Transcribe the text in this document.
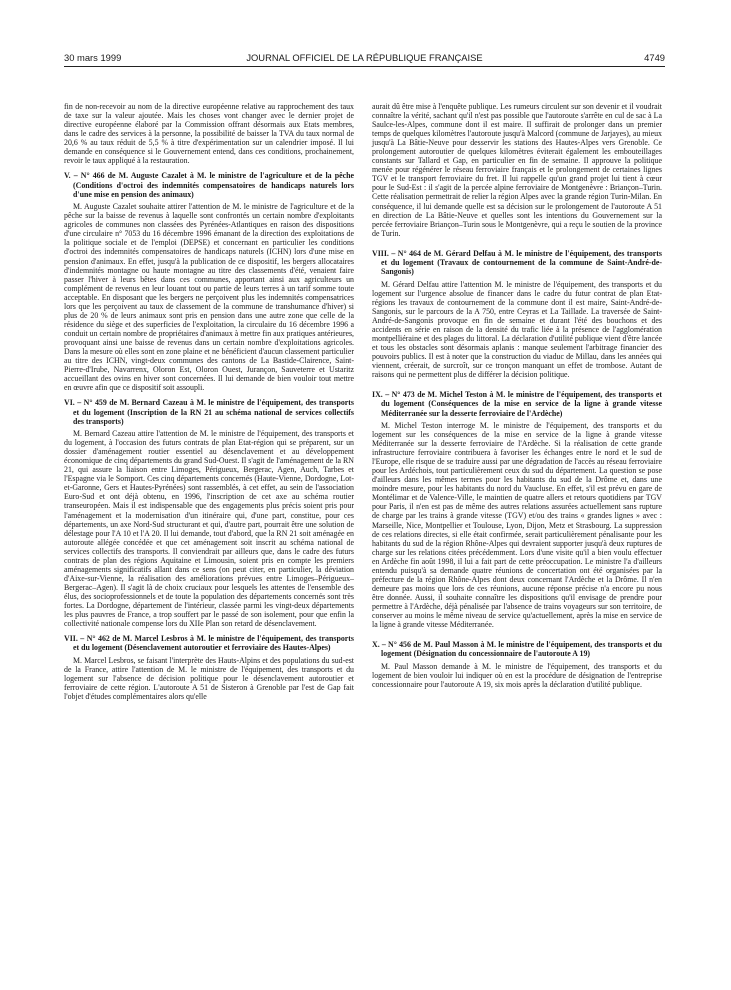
30 mars 1999	JOURNAL OFFICIEL DE LA RÉPUBLIQUE FRANÇAISE	4749

fin de non-recevoir au nom de la directive européenne relative au rapprochement des taux de taxe sur la valeur ajoutée. Mais les choses vont changer avec le dernier projet de directive européenne élaboré par la Commission offrant désormais aux Etats membres, dans le cadre des services à la personne, la possibilité de baisser la TVA du taux normal de 20,6 % au taux réduit de 5,5 % à titre d'expérimentation sur un calendrier imposé. Il lui demande en conséquence si le Gouvernement entend, dans ces conditions, prochainement, revoir le taux appliqué à la restauration.

V. – N° 466 de M. Auguste Cazalet à M. le ministre de l'agriculture et de la pêche (Conditions d'octroi des indemnités compensatoires de handicaps naturels lors d'une mise en pension des animaux)

M. Auguste Cazalet souhaite attirer l'attention de M. le ministre de l'agriculture et de la pêche sur la baisse de revenus à laquelle sont confrontés un certain nombre d'exploitants agricoles de communes non classées des Pyrénées-Atlantiques en raison des dispositions d'une circulaire n° 7053 du 16 décembre 1996 émanant de la direction des exploitations de la politique sociale et de l'emploi (DEPSE) et concernant en particulier les conditions d'octroi des indemnités compensatoires de handicaps naturels (ICHN) lors d'une mise en pension d'animaux. En effet, jusqu'à la publication de ce dispositif, les bergers allocataires d'indemnités montagne ou haute montagne au titre des classements d'été, venaient faire passer l'hiver à leurs bêtes dans ces communes, apportant ainsi aux agriculteurs un complément de revenus en leur louant tout ou partie de leurs terres à un tarif somme toute acceptable. En disposant que les bergers ne perçoivent plus les indemnités compensatrices lors que les perçoivent au taux de classement de la commune de transhumance d'hiver) si plus de 20 % de leurs animaux sont pris en pension dans une autre zone que celle de la résidence du siège et des superficies de l'exploitation, la circulaire du 16 décembre 1996 a conduit un certain nombre de propriétaires d'animaux à mettre fin aux pratiques antérieures, provoquant ainsi une baisse de revenus dans un certain nombre d'exploitations agricoles. Dans la mesure où elles sont en zone plaine et ne bénéficient d'aucun classement particulier au titre des ICHN, vingt-deux communes des cantons de La Bastide-Clairence, Saint-Pierre-d'Irube, Navarrenx, Oloron Est, Oloron Ouest, Jurançon, Sauveterre et Ustaritz accueillant des ovins en hiver sont concernées. Il lui demande de bien vouloir tout mettre en œuvre afin que ce dispositif soit assoupli.

VI. – N° 459 de M. Bernard Cazeau à M. le ministre de l'équipement, des transports et du logement (Inscription de la RN 21 au schéma national de services collectifs des transports)

M. Bernard Cazeau attire l'attention de M. le ministre de l'équipement, des transports et du logement, à l'occasion des futurs contrats de plan Etat-région qui se préparent, sur un dossier d'aménagement routier essentiel au désenclavement et au développement économique de cinq départements du grand Sud-Ouest. Il s'agit de l'aménagement de la RN 21, qui assure la liaison entre Limoges, Périgueux, Bergerac, Agen, Auch, Tarbes et l'Espagne via le Somport. Ces cinq départements concernés (Haute-Vienne, Dordogne, Lot-et-Garonne, Gers et Hautes-Pyrénées) sont rassemblés, à cet effet, au sein de l'association Euro-Sud et ont déjà obtenu, en 1996, l'inscription de cet axe au schéma routier transeuropéen. Mais il est indispensable que des engagements plus précis soient pris pour l'aménagement et la modernisation d'un itinéraire qui, d'une part, constitue, pour ces départements, un axe Nord-Sud structurant et qui, d'autre part, pourrait être une solution de délestage pour l'A 10 et l'A 20. Il lui demande, tout d'abord, que la RN 21 soit aménagée en autoroute allégée concédée et que cet aménagement soit inscrit au schéma national de services collectifs des transports. Il conviendrait par ailleurs que, dans le cadre des futurs contrats de plan des régions Aquitaine et Limousin, soient pris en compte les premiers aménagements significatifs allant dans ce sens (on peut citer, en particulier, la déviation d'Aixe-sur-Vienne, la réalisation des améliorations prévues entre Limoges–Périgueux–Bergerac–Agen). Il s'agit là de choix cruciaux pour lesquels les attentes de l'ensemble des élus, des socioprofessionnels et de toute la population des départements concernés sont très fortes. La Dordogne, département de l'intérieur, classée parmi les vingt-deux départements les plus pauvres de France, a trop souffert par le passé de son isolement, pour que enfin la collectivité nationale compense lors du XIIe Plan son retard de désenclavement.

VII. – N° 462 de M. Marcel Lesbros à M. le ministre de l'équipement, des transports et du logement (Désenclavement autoroutier et ferroviaire des Hautes-Alpes)

M. Marcel Lesbros, se faisant l'interprète des Hauts-Alpins et des populations du sud-est de la France, attire l'attention de M. le ministre de l'équipement, des transports et du logement sur l'absence de décision politique pour le désenclavement autoroutier et ferroviaire de cette région. L'autoroute A 51 de Sisteron à Grenoble par l'est de Gap fait l'objet d'études complémentaires alors qu'elle

aurait dû être mise à l'enquête publique. Les rumeurs circulent sur son devenir et il voudrait connaître la vérité, sachant qu'il n'est pas possible que l'autoroute s'arrête en cul de sac à La Saulce-les-Alpes, commune dont il est maire. Il suffirait de prolonger dans un premier temps de quelques kilomètres l'autoroute jusqu'à Malcord (commune de Jarjayes), au mieux jusqu'à La Bâtie-Neuve pour desservir les stations des Hautes-Alpes vers Grenoble. Ce prolongement autoroutier de quelques kilomètres éviterait également les embouteillages constants sur Tallard et Gap, en particulier en fin de semaine. Il approuve la politique menée pour régénérer le réseau ferroviaire français et le prolongement de certaines lignes TGV et le transport ferroviaire du fret. Il lui rappelle qu'un grand projet lui tient à cœur pour le Sud-Est : il s'agit de la percée alpine ferroviaire de Montgenèvre : Briançon–Turin. Cette réalisation permettrait de relier la région Alpes avec la grande région Turin-Milan. En conséquence, il lui demande quelle est sa décision sur le prolongement de l'autoroute A 51 en direction de La Bâtie-Neuve et quelles sont les intentions du Gouvernement sur la percée ferroviaire Briançon–Turin sous le Montgenèvre, qui a reçu le soutien de la province de Turin.

VIII. – N° 464 de M. Gérard Delfau à M. le ministre de l'équipement, des transports et du logement (Travaux de contournement de la commune de Saint-André-de-Sangonis)

M. Gérard Delfau attire l'attention M. le ministre de l'équipement, des transports et du logement sur l'urgence absolue de financer dans le cadre du futur contrat de plan Etat-régions les travaux de contournement de la commune dont il est maire, Saint-André-de-Sangonis, sur le parcours de la A 750, entre Ceyras et La Taillade. La traversée de Saint-André-de-Sangonis provoque en fin de semaine et durant l'été des bouchons et des accidents en série en raison de la densité du trafic liée à la présence de l'agglomération montpelliéraine et des plages du littoral. La déclaration d'utilité publique vient d'être lancée et tous les obstacles sont désormais aplanis : manque seulement l'arbitrage financier des pouvoirs publics. Il est à noter que la construction du viaduc de Millau, dans les années qui viennent, créerait, de surcroît, sur ce tronçon manquant un effet de trombose. Autant de raisons qui ne permettent plus de différer la décision politique.

IX. – N° 473 de M. Michel Teston à M. le ministre de l'équipement, des transports et du logement (Conséquences de la mise en service de la ligne à grande vitesse Méditerranée sur la desserte ferroviaire de l'Ardèche)

M. Michel Teston interroge M. le ministre de l'équipement, des transports et du logement sur les conséquences de la mise en service de la ligne à grande vitesse Méditerranée sur la desserte ferroviaire de l'Ardèche. Si la réalisation de cette grande infrastructure ferroviaire contribuera à favoriser les échanges entre le nord et le sud de l'Europe, elle risque de se traduire aussi par une dégradation de l'accès au réseau ferroviaire pour les Ardéchois, tout particulièrement ceux du sud du département. La question se pose d'ailleurs dans les mêmes termes pour les habitants du sud de la Drôme et, dans une moindre mesure, pour les habitants du nord du Vaucluse. En effet, s'il est prévu en gare de Montélimar et de Valence-Ville, le maintien de quatre allers et retours quotidiens par TGV pour Paris, il n'en est pas de même des autres relations assurées actuellement sans rupture de charge par les trains à grande vitesse (TGV) et/ou des trains « grandes lignes » avec : Marseille, Nice, Montpellier et Toulouse, Lyon, Dijon, Metz et Strasbourg. La suppression de ces relations directes, si elle était confirmée, serait particulièrement pénalisante pour les habitants du sud de la région Rhône-Alpes qui devraient supporter jusqu'à deux ruptures de charge sur les relations citées précédemment. Lors d'une visite qu'il a bien voulu effectuer en Ardèche fin août 1998, il lui a fait part de cette préoccupation. Le ministre l'a d'ailleurs entendu puisqu'à sa demande quatre réunions de concertation ont été organisées par la préfecture de la région Rhône-Alpes dont deux concernant l'Ardèche et la Drôme. Il n'en demeure pas moins que lors de ces réunions, aucune réponse précise n'a encore pu nous être donnée. Aussi, il souhaite connaître les dispositions qu'il envisage de prendre pour permettre à l'Ardèche, déjà pénalisée par l'absence de trains voyageurs sur son territoire, de conserver au moins le même niveau de service qu'actuellement, après la mise en service de la ligne à grande vitesse Méditerranée.

X. – N° 456 de M. Paul Masson à M. le ministre de l'équipement, des transports et du logement (Désignation du concessionnaire de l'autoroute A 19)

M. Paul Masson demande à M. le ministre de l'équipement, des transports et du logement de bien vouloir lui indiquer où en est la procédure de désignation de l'entreprise concessionnaire pour l'autoroute A 19, six mois après la déclaration d'utilité publique.
